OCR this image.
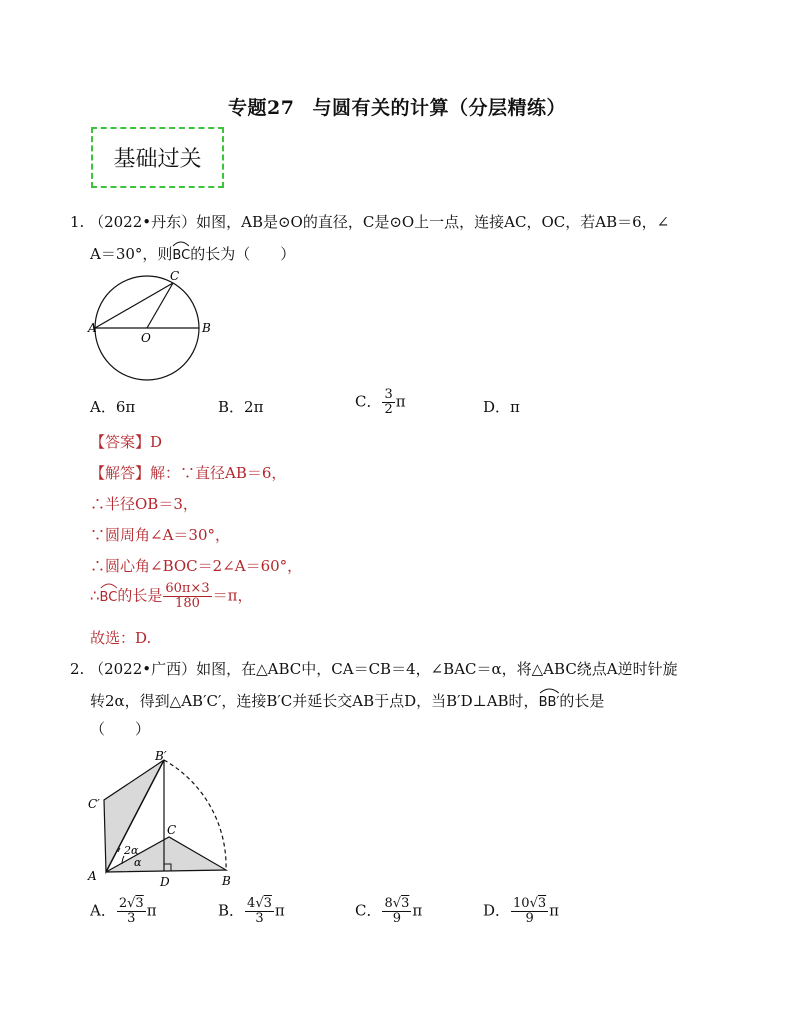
专题27 与圆有关的计算（分层精练）
基础过关
1. （2022•丹东）如图，AB是⊙O的直径，C是⊙O上一点，连接AC，OC，若AB＝6，∠
A＝30°，则
BC的长为（　　）
A	B
C
O
A．6π	B．2π	C． $\frac{3}{2}$ π	D．π
【答案】D
【解答】解：∵直径AB＝6，
∴半径OB＝3，
∵圆周角∠A＝30°，
∴圆心角∠BOC＝2∠A＝60°，
∴
BC的长是 $\frac{60\pi\times 3}{180} =\pi$，
故选：D.
2. （2022•广西）如图，在△ABC中，CA＝CB＝4，∠BAC＝α，将△ABC绕点A逆时针旋
转2α，得到△AB′C′，连接B′C并延长交AB于点D，当B′D⊥AB时，
BB′的长是
（　　）
A	B
C
D
B′
C′
2α
α
A． $\frac{2√3}{3}$ π	B． $\frac{4√3}{3}$ π	C． $\frac{8√3}{9}$ π	D． $\frac{10√3}{9}$ π
